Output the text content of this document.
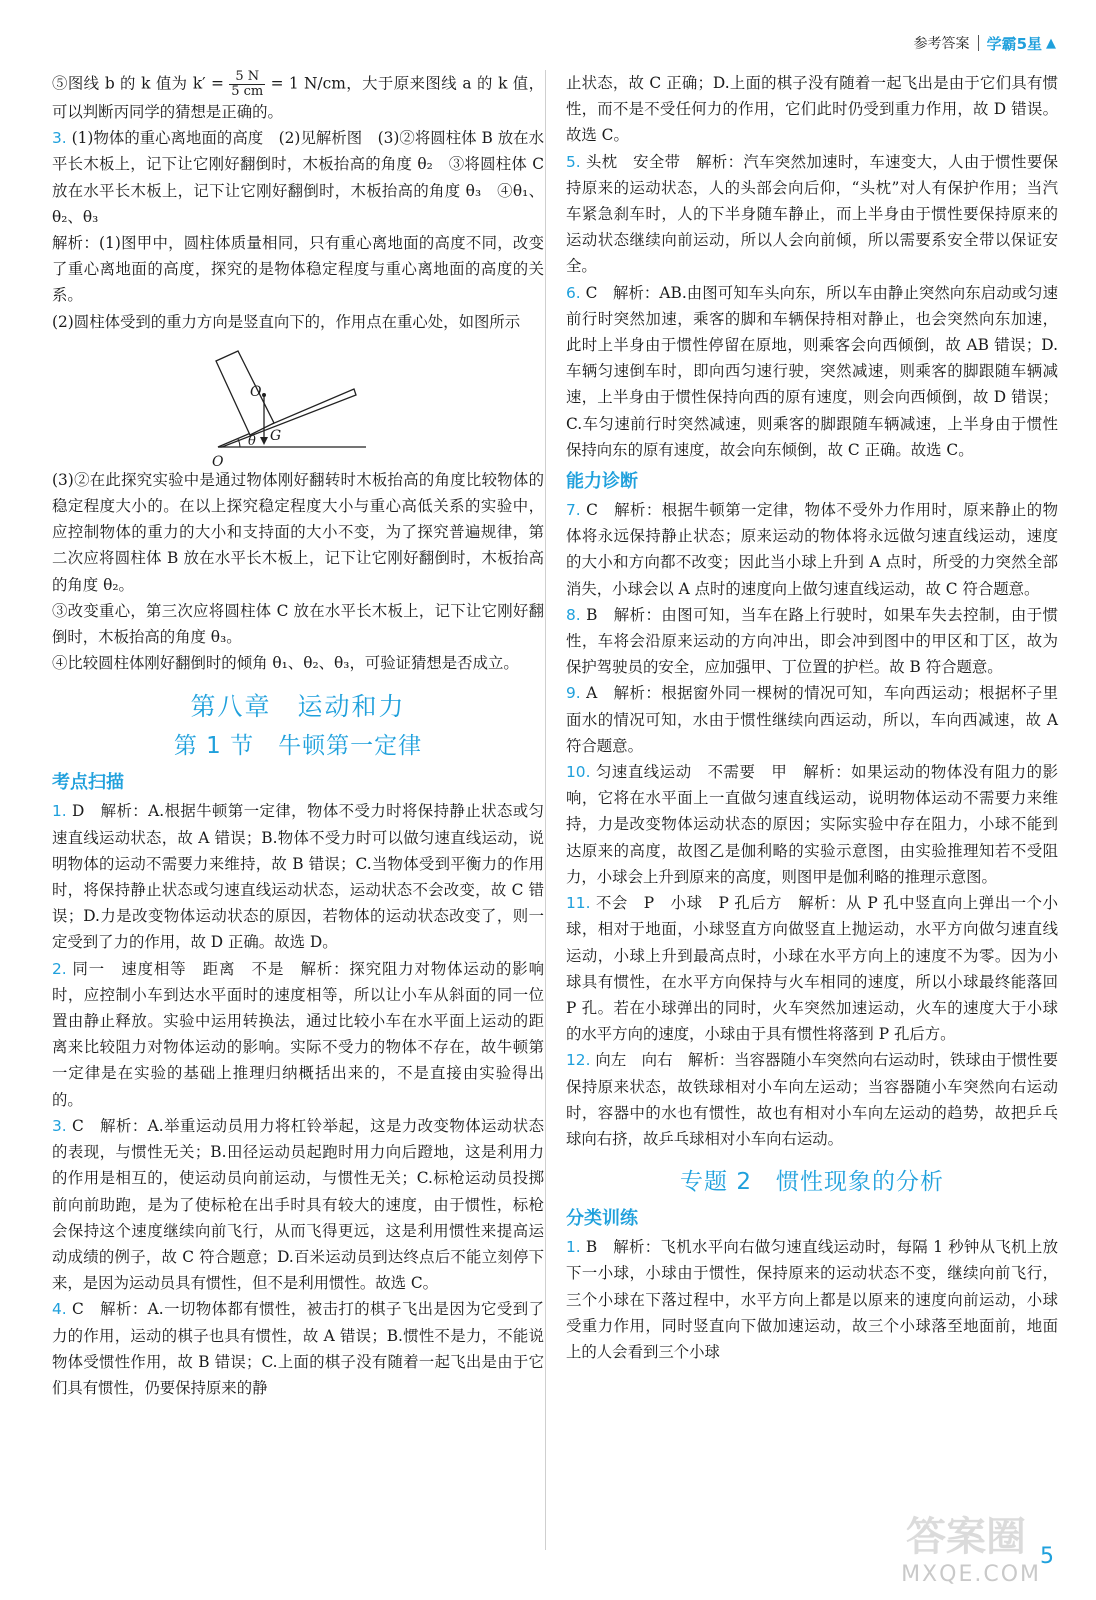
参考答案 学霸5星 ▲

⑤图线 b 的 k 值为 $k' = \frac{5 N}{5 cm} = 1$ N/cm，大于原来图线 a 的 k 值，可以判断丙同学的猜想是正确的。

3. (1)物体的重心离地面的高度　(2)见解析图　(3)②将圆柱体 B 放在水平长木板上，记下让它刚好翻倒时，木板抬高的角度 θ₂　③将圆柱体 C 放在水平长木板上，记下让它刚好翻倒时，木板抬高的角度 θ₃　④θ₁、θ₂、θ₃

解析：(1)图甲中，圆柱体质量相同，只有重心离地面的高度不同，改变了重心离地面的高度，探究的是物体稳定程度与重心离地面的高度的关系。

(2)圆柱体受到的重力方向是竖直向下的，作用点在重心处，如图所示

O
θ G
O

(3)②在此探究实验中是通过物体刚好翻转时木板抬高的角度比较物体的稳定程度大小的。在以上探究稳定程度大小与重心高低关系的实验中，应控制物体的重力的大小和支持面的大小不变，为了探究普遍规律，第二次应将圆柱体 B 放在水平长木板上，记下让它刚好翻倒时，木板抬高的角度 θ₂。

③改变重心，第三次应将圆柱体 C 放在水平长木板上，记下让它刚好翻倒时，木板抬高的角度 θ₃。

④比较圆柱体刚好翻倒时的倾角 θ₁、θ₂、θ₃，可验证猜想是否成立。

第八章 运动和力
第 1 节　牛顿第一定律
考点扫描

1. D　解析：A.根据牛顿第一定律，物体不受力时将保持静止状态或匀速直线运动状态，故 A 错误；B.物体不受力时可以做匀速直线运动，说明物体的运动不需要力来维持，故 B 错误；C.当物体受到平衡力的作用时，将保持静止状态或匀速直线运动状态，运动状态不会改变，故 C 错误；D.力是改变物体运动状态的原因，若物体的运动状态改变了，则一定受到了力的作用，故 D 正确。故选 D。

2. 同一　速度相等　距离　不是　解析：探究阻力对物体运动的影响时，应控制小车到达水平面时的速度相等，所以让小车从斜面的同一位置由静止释放。实验中运用转换法，通过比较小车在水平面上运动的距离来比较阻力对物体运动的影响。实际不受力的物体不存在，故牛顿第一定律是在实验的基础上推理归纳概括出来的，不是直接由实验得出的。

3. C　解析：A.举重运动员用力将杠铃举起，这是力改变物体运动状态的表现，与惯性无关；B.田径运动员起跑时用力向后蹬地，这是利用力的作用是相互的，使运动员向前运动，与惯性无关；C.标枪运动员投掷前向前助跑，是为了使标枪在出手时具有较大的速度，由于惯性，标枪会保持这个速度继续向前飞行，从而飞得更远，这是利用惯性来提高运动成绩的例子，故 C 符合题意；D.百米运动员到达终点后不能立刻停下来，是因为运动员具有惯性，但不是利用惯性。故选 C。

4. C　解析：A.一切物体都有惯性，被击打的棋子飞出是因为它受到了力的作用，运动的棋子也具有惯性，故 A 错误；B.惯性不是力，不能说物体受惯性作用，故 B 错误；C.上面的棋子没有随着一起飞出是由于它们具有惯性，仍要保持原来的静

止状态，故 C 正确；D.上面的棋子没有随着一起飞出是由于它们具有惯性，而不是不受任何力的作用，它们此时仍受到重力作用，故 D 错误。故选 C。

5. 头枕　安全带　解析：汽车突然加速时，车速变大，人由于惯性要保持原来的运动状态，人的头部会向后仰，“头枕”对人有保护作用；当汽车紧急刹车时，人的下半身随车静止，而上半身由于惯性要保持原来的运动状态继续向前运动，所以人会向前倾，所以需要系安全带以保证安全。

6. C　解析：AB.由图可知车头向东，所以车由静止突然向东启动或匀速前行时突然加速，乘客的脚和车辆保持相对静止，也会突然向东加速，此时上半身由于惯性停留在原地，则乘客会向西倾倒，故 AB 错误；D.车辆匀速倒车时，即向西匀速行驶，突然减速，则乘客的脚跟随车辆减速，上半身由于惯性保持向西的原有速度，则会向西倾倒，故 D 错误；C.车匀速前行时突然减速，则乘客的脚跟随车辆减速，上半身由于惯性保持向东的原有速度，故会向东倾倒，故 C 正确。故选 C。

能力诊断

7. C　解析：根据牛顿第一定律，物体不受外力作用时，原来静止的物体将永远保持静止状态；原来运动的物体将永远做匀速直线运动，速度的大小和方向都不改变；因此当小球上升到 A 点时，所受的力突然全部消失，小球会以 A 点时的速度向上做匀速直线运动，故 C 符合题意。

8. B　解析：由图可知，当车在路上行驶时，如果车失去控制，由于惯性，车将会沿原来运动的方向冲出，即会冲到图中的甲区和丁区，故为保护驾驶员的安全，应加强甲、丁位置的护栏。故 B 符合题意。

9. A　解析：根据窗外同一棵树的情况可知，车向西运动；根据杯子里面水的情况可知，水由于惯性继续向西运动，所以，车向西减速，故 A 符合题意。

10. 匀速直线运动　不需要　甲　解析：如果运动的物体没有阻力的影响，它将在水平面上一直做匀速直线运动，说明物体运动不需要力来维持，力是改变物体运动状态的原因；实际实验中存在阻力，小球不能到达原来的高度，故图乙是伽利略的实验示意图，由实验推理知若不受阻力，小球会上升到原来的高度，则图甲是伽利略的推理示意图。

11. 不会　P　小球　P 孔后方　解析：从 P 孔中竖直向上弹出一个小球，相对于地面，小球竖直方向做竖直上抛运动，水平方向做匀速直线运动，小球上升到最高点时，小球在水平方向上的速度不为零。因为小球具有惯性，在水平方向保持与火车相同的速度，所以小球最终能落回 P 孔。若在小球弹出的同时，火车突然加速运动，火车的速度大于小球的水平方向的速度，小球由于具有惯性将落到 P 孔后方。

12. 向左　向右　解析：当容器随小车突然向右运动时，铁球由于惯性要保持原来状态，故铁球相对小车向左运动；当容器随小车突然向右运动时，容器中的水也有惯性，故也有相对小车向左运动的趋势，故把乒乓球向右挤，故乒乓球相对小车向右运动。

专题 2　惯性现象的分析
分类训练

1. B　解析：飞机水平向右做匀速直线运动时，每隔 1 秒钟从飞机上放下一小球，小球由于惯性，保持原来的运动状态不变，继续向前飞行，三个小球在下落过程中，水平方向上都是以原来的速度向前运动，小球受重力作用，同时竖直向下做加速运动，故三个小球落至地面前，地面上的人会看到三个小球

答案圈
MXQE.COM
5
